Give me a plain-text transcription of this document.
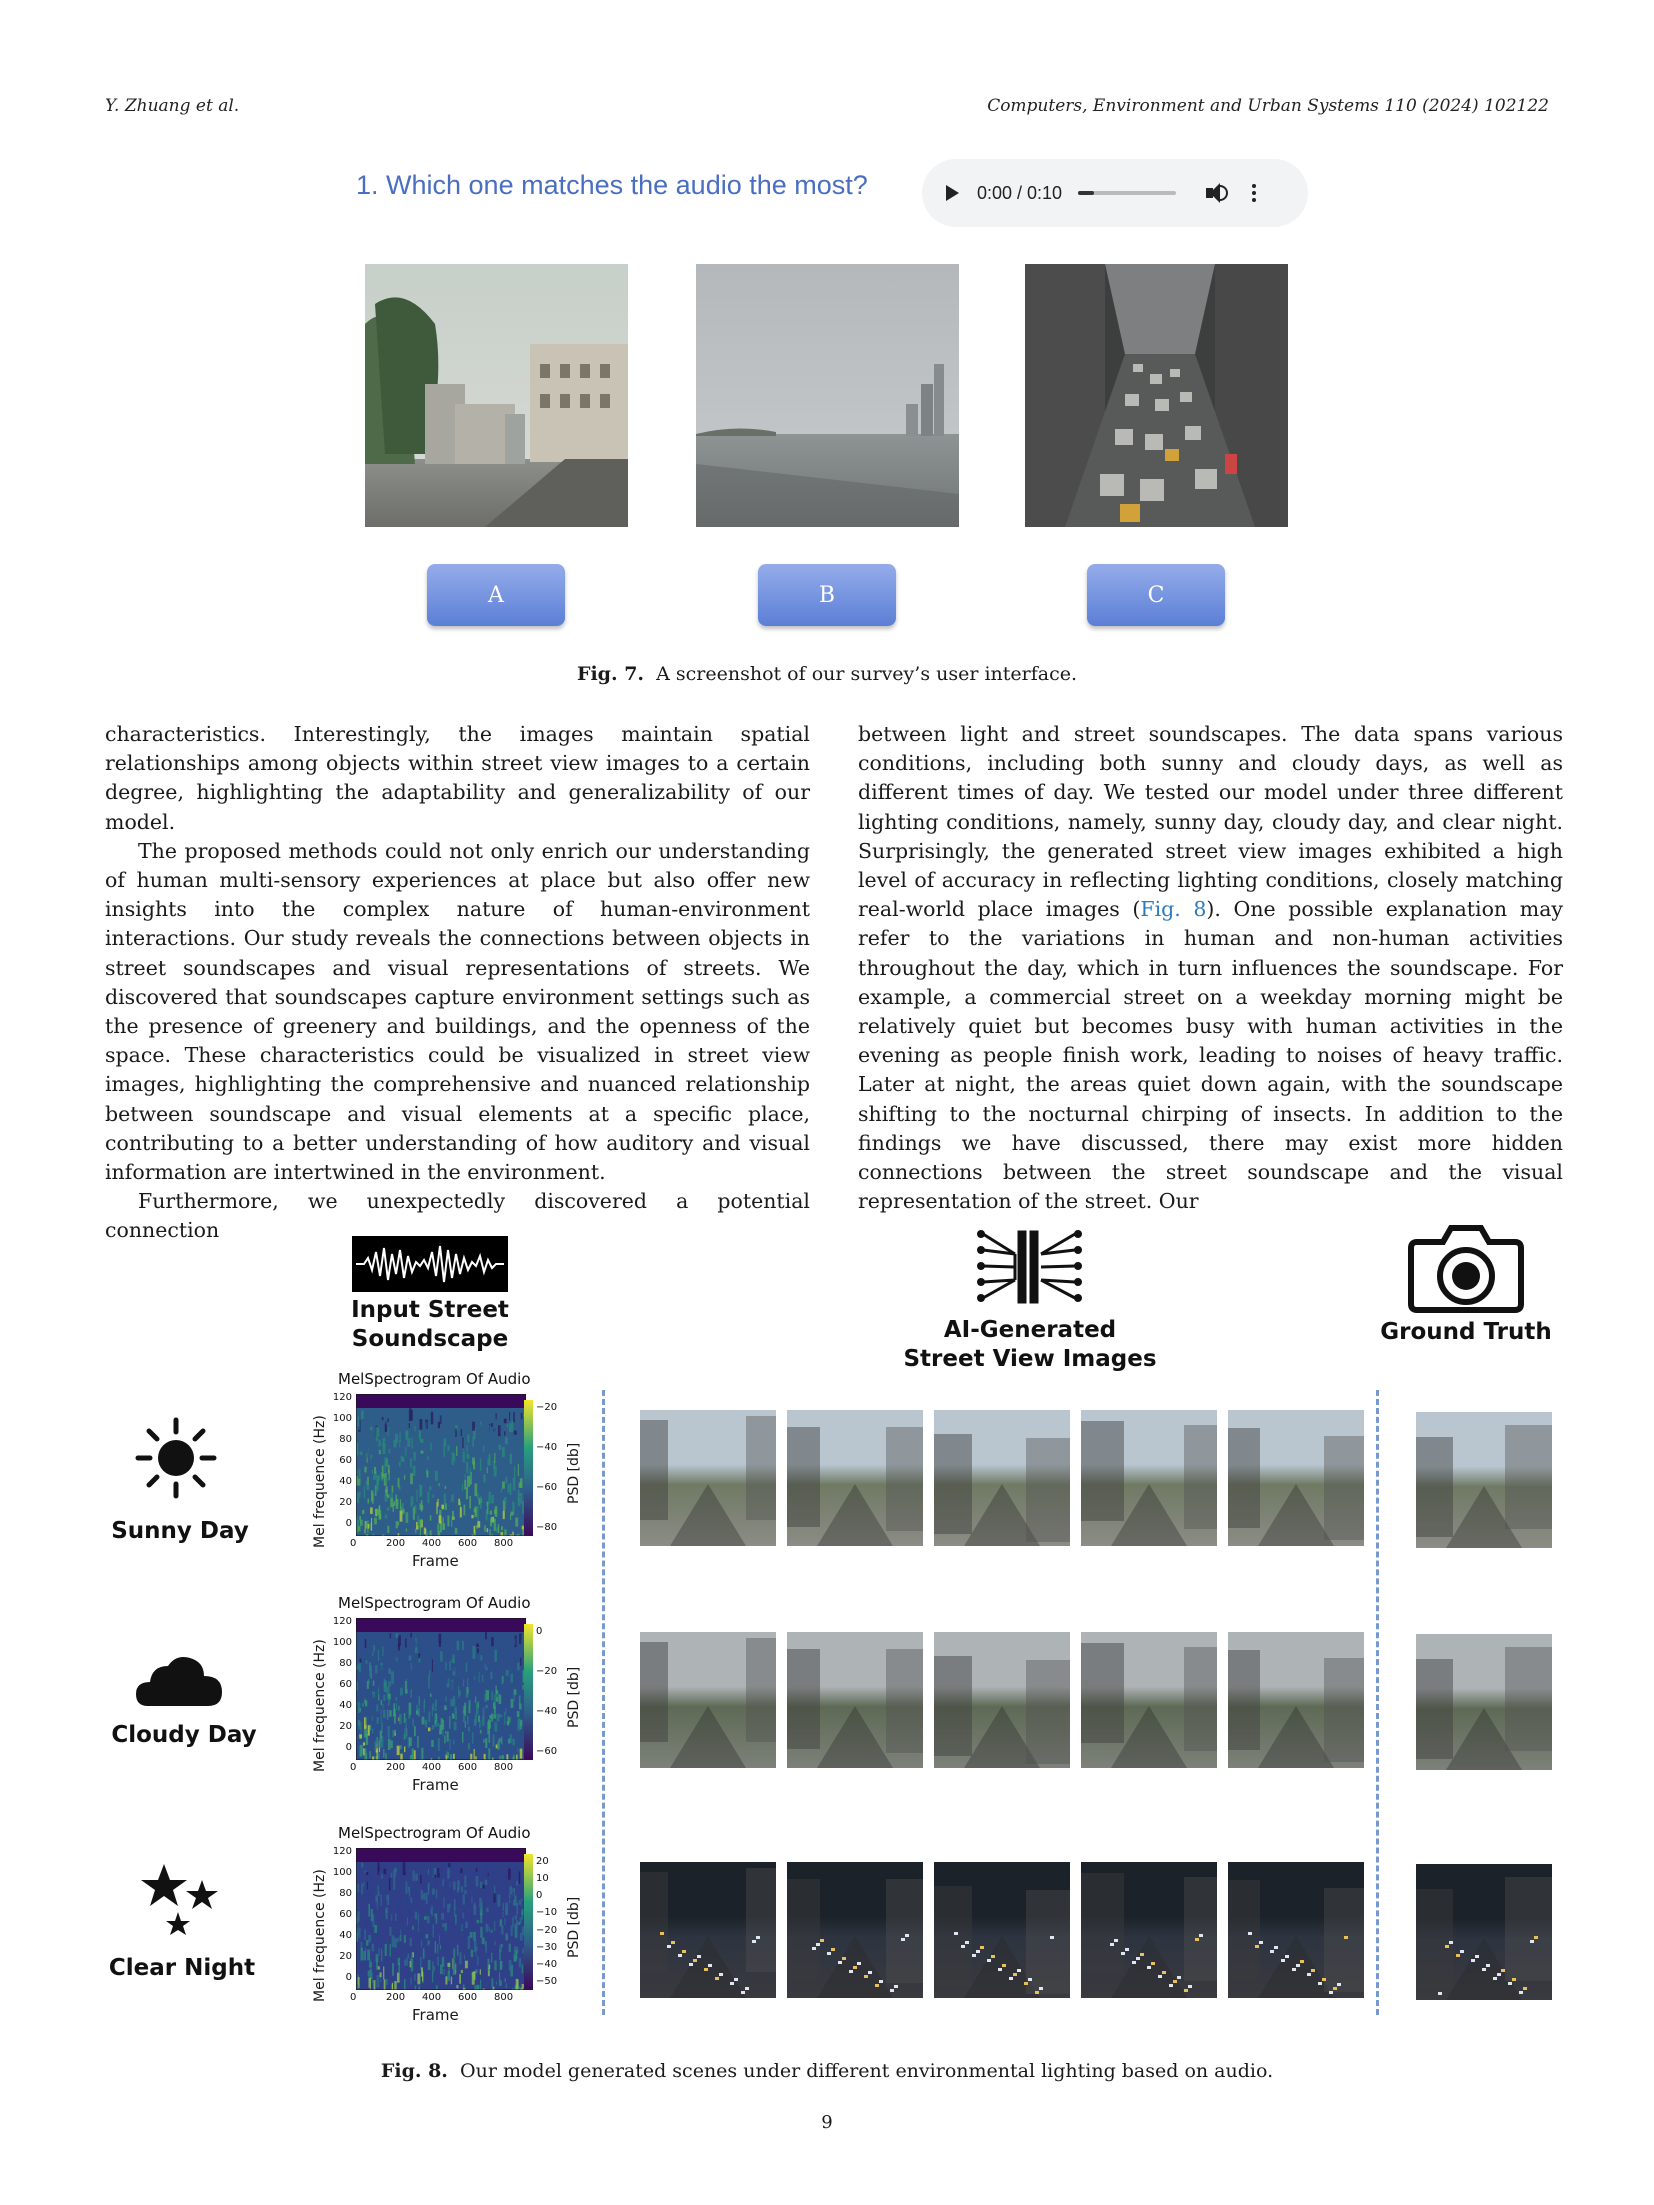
Y. Zhuang et al.	Computers, Environment and Urban Systems 110 (2024) 102122
1. Which one matches the audio the most?	0:00 / 0:10
A	B	C
Fig. 7. A screenshot of our survey’s user interface.

characteristics. Interestingly, the images maintain spatial relationships among objects within street view images to a certain degree, highlighting the adaptability and generalizability of our model.

The proposed methods could not only enrich our understanding of human multi-sensory experiences at place but also offer new insights into the complex nature of human-environment interactions. Our study reveals the connections between objects in street soundscapes and visual representations of streets. We discovered that soundscapes capture environment settings such as the presence of greenery and buildings, and the openness of the space. These characteristics could be visualized in street view images, highlighting the comprehensive and nuanced relationship between soundscape and visual elements at a specific place, contributing to a better understanding of how auditory and visual information are intertwined in the environment.

Furthermore, we unexpectedly discovered a potential connection

between light and street soundscapes. The data spans various conditions, including both sunny and cloudy days, as well as different times of day. We tested our model under three different lighting conditions, namely, sunny day, cloudy day, and clear night. Surprisingly, the generated street view images exhibited a high level of accuracy in reflecting lighting conditions, closely matching real-world place images (Fig. 8). One possible explanation may refer to the variations in human and non-human activities throughout the day, which in turn influences the soundscape. For example, a commercial street on a weekday morning might be relatively quiet but becomes busy with human activities in the evening as people finish work, leading to noises of heavy traffic. Later at night, the areas quiet down again, with the soundscape shifting to the nocturnal chirping of insects. In addition to the findings we have discussed, there may exist more hidden connections between the street soundscape and the visual representation of the street. Our

Input Street Soundscape	AI-Generated Street View Images
Ground Truth
Sunny Day
Cloudy Day
Clear Night
MelSpectrogram Of Audio
Mel frequence (Hz)
120
100
80
60
40
20
0
0	200 400 600 800
Frame
−20
−40
−60
−80
PSD [db]
MelSpectrogram Of Audio
Mel frequence (Hz)
120
100
80
60
40
20
0
0	200 400 600 800
Frame
0
−20
−40
−60
PSD [db]
MelSpectrogram Of Audio
Mel frequence (Hz)
120
100
80
60
40
20
0
0	200 400 600 800
Frame
20
10
0
−10
−20
−30
−40
−50
PSD [db]
Fig. 8. Our model generated scenes under different environmental lighting based on audio.
9
